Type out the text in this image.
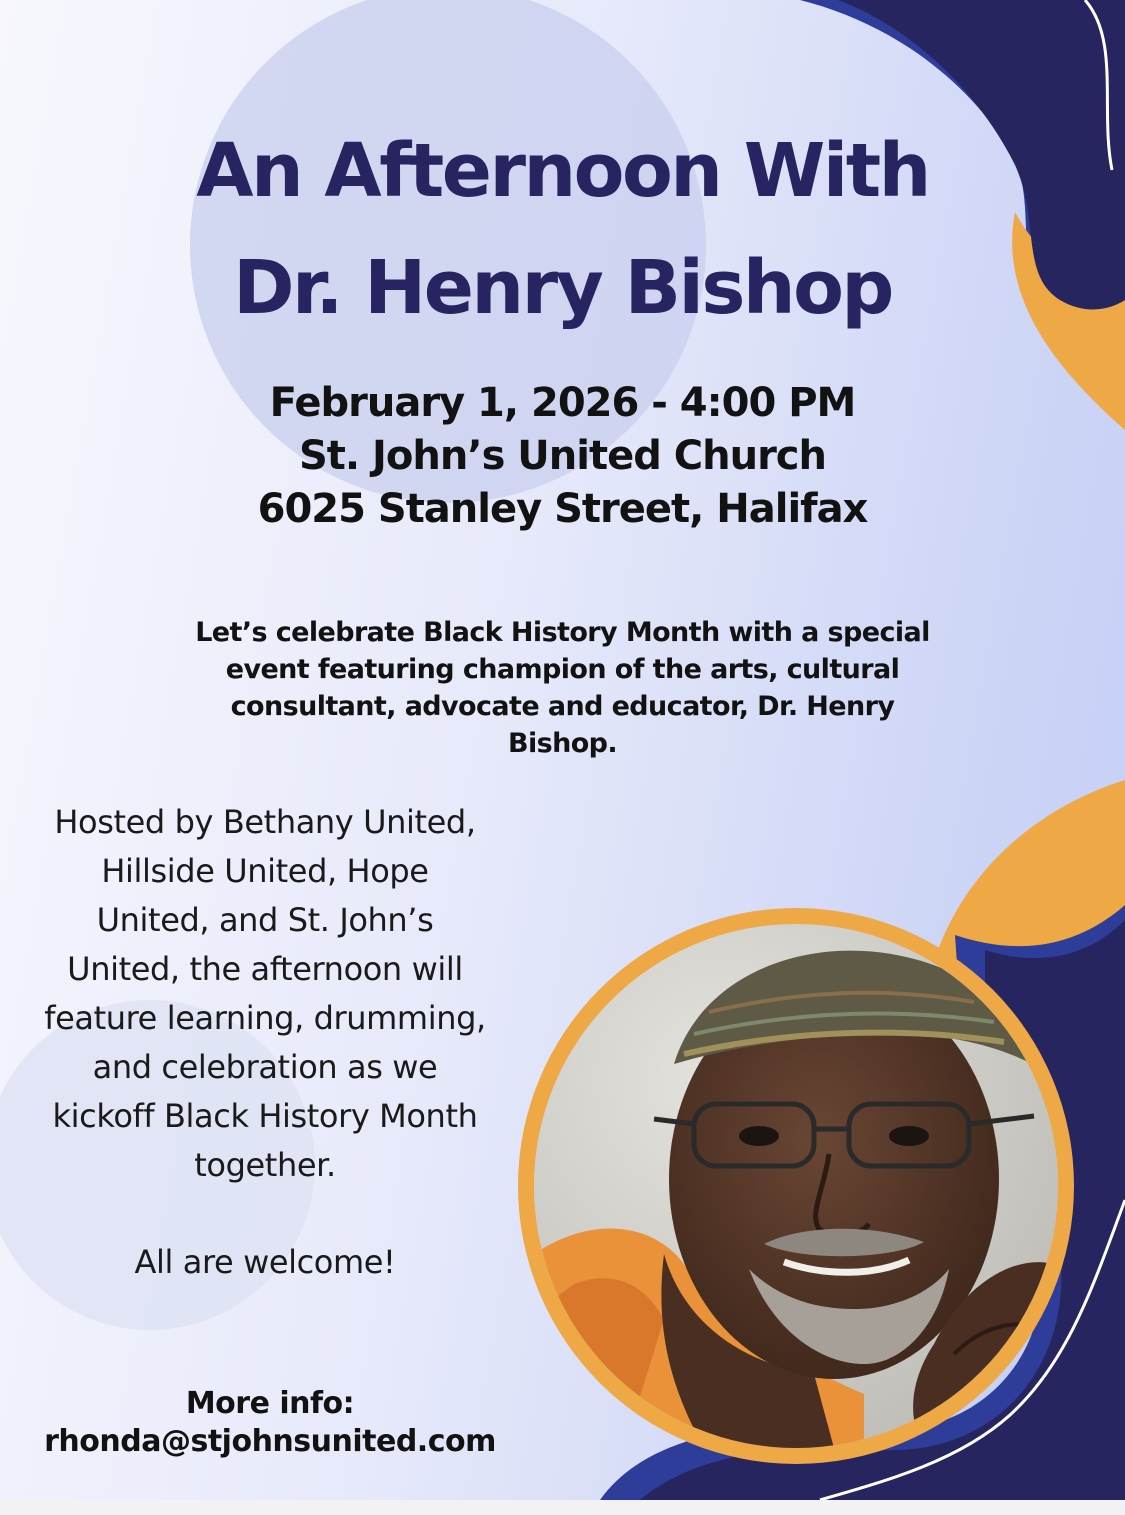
An Afternoon With
Dr. Henry Bishop
February 1, 2026 - 4:00 PM
St. John’s United Church
6025 Stanley Street, Halifax
Let’s celebrate Black History Month with a special
event featuring champion of the arts, cultural
consultant, advocate and educator, Dr. Henry
Bishop.
Hosted by Bethany United,
Hillside United, Hope
United, and St. John’s
United, the afternoon will
feature learning, drumming,
and celebration as we
kickoff Black History Month
together.
All are welcome!
More info:
rhonda@stjohnsunited.com
